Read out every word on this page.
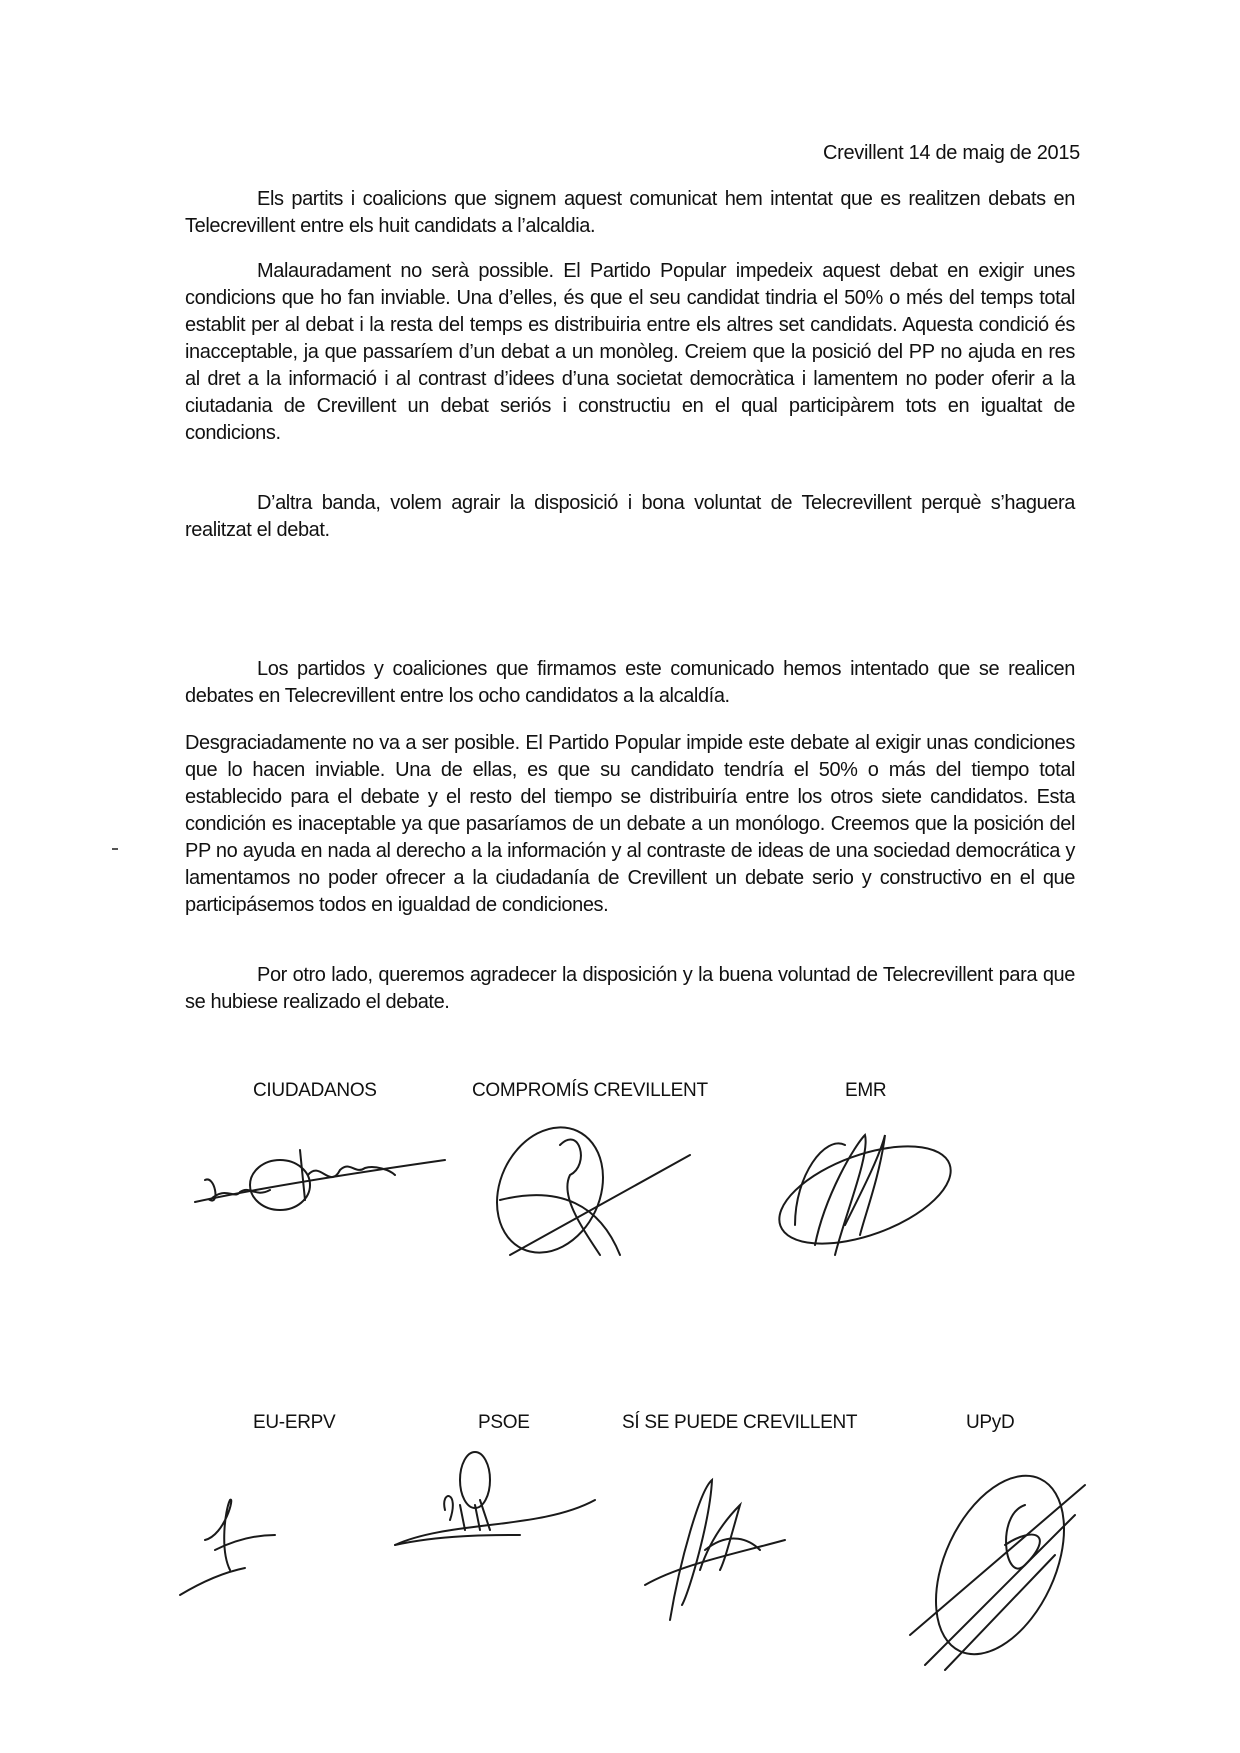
Crevillent 14 de maig de 2015

Els partits i coalicions que signem aquest comunicat hem intentat que es realitzen debats en Telecrevillent entre els huit candidats a l’alcaldia.

Malauradament no serà possible. El Partido Popular impedeix aquest debat en exigir unes condicions que ho fan inviable. Una d’elles, és que el seu candidat tindria el 50% o més del temps total establit per al debat i la resta del temps es distribuiria entre els altres set candidats. Aquesta condició és inacceptable, ja que passaríem d’un debat a un monòleg. Creiem que la posició del PP no ajuda en res al dret a la informació i al contrast d’idees d’una societat democràtica i lamentem no poder oferir a la ciutadania de Crevillent un debat seriós i constructiu en el qual participàrem tots en igualtat de condicions.

D’altra banda, volem agrair la disposició i bona voluntat de Telecrevillent perquè s’haguera realitzat el debat.

Los partidos y coaliciones que firmamos este comunicado hemos intentado que se realicen debates en Telecrevillent entre los ocho candidatos a la alcaldía.

Desgraciadamente no va a ser posible. El Partido Popular impide este debate al exigir unas condiciones que lo hacen inviable. Una de ellas, es que su candidato tendría el 50% o más del tiempo total establecido para el debate y el resto del tiempo se distribuiría entre los otros siete candidatos. Esta condición es inaceptable ya que pasaríamos de un debate a un monólogo. Creemos que la posición del PP no ayuda en nada al derecho a la información y al contraste de ideas de una sociedad democrática y lamentamos no poder ofrecer a la ciudadanía de Crevillent un debate serio y constructivo en el que participásemos todos en igualdad de condiciones.

Por otro lado, queremos agradecer la disposición y la buena voluntad de Telecrevillent para que se hubiese realizado el debate.

CIUDADANOS	COMPROMÍS CREVILLENT	EMR
EU-ERPV	PSOE	SÍ SE PUEDE CREVILLENT	UPyD
